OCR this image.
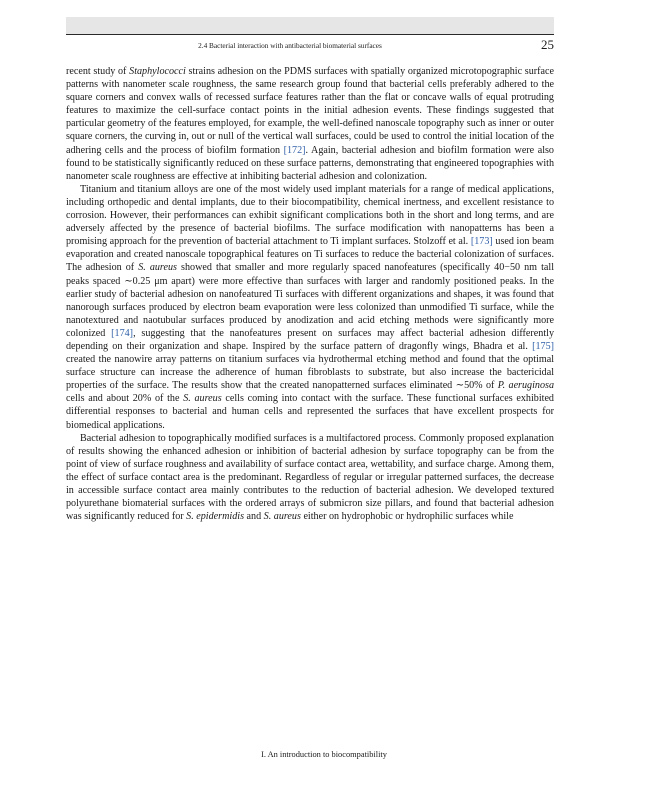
2.4 Bacterial interaction with antibacterial biomaterial surfaces	25

recent study of Staphylococci strains adhesion on the PDMS surfaces with spatially organized microtopographic surface patterns with nanometer scale roughness, the same research group found that bacterial cells preferably adhered to the square corners and convex walls of recessed surface features rather than the flat or concave walls of equal protruding features to maximize the cell-surface contact points in the initial adhesion events. These findings suggested that particular geometry of the features employed, for example, the well-defined nanoscale topography such as inner or outer square corners, the curving in, out or null of the vertical wall surfaces, could be used to control the initial location of the adhering cells and the process of biofilm formation [172]. Again, bacterial adhesion and biofilm formation were also found to be statistically significantly reduced on these surface patterns, demonstrating that engineered topographies with nanometer scale roughness are effective at inhibiting bacterial adhesion and colonization.

Titanium and titanium alloys are one of the most widely used implant materials for a range of medical applications, including orthopedic and dental implants, due to their biocompatibility, chemical inertness, and excellent resistance to corrosion. However, their performances can exhibit significant complications both in the short and long terms, and are adversely affected by the presence of bacterial biofilms. The surface modification with nanopatterns has been a promising approach for the prevention of bacterial attachment to Ti implant surfaces. Stolzoff et al. [173] used ion beam evaporation and created nanoscale topographical features on Ti surfaces to reduce the bacterial colonization of surfaces. The adhesion of S. aureus showed that smaller and more regularly spaced nanofeatures (specifically 40−50 nm tall peaks spaced ∼0.25 μm apart) were more effective than surfaces with larger and randomly positioned peaks. In the earlier study of bacterial adhesion on nanofeatured Ti surfaces with different organizations and shapes, it was found that nanorough surfaces produced by electron beam evaporation were less colonized than unmodified Ti surface, while the nanotextured and naotubular surfaces produced by anodization and acid etching methods were significantly more colonized [174], suggesting that the nanofeatures present on surfaces may affect bacterial adhesion differently depending on their organization and shape. Inspired by the surface pattern of dragonfly wings, Bhadra et al. [175] created the nanowire array patterns on titanium surfaces via hydrothermal etching method and found that the optimal surface structure can increase the adherence of human fibroblasts to substrate, but also increase the bactericidal properties of the surface. The results show that the created nanopatterned surfaces eliminated ∼50% of P. aeruginosa cells and about 20% of the S. aureus cells coming into contact with the surface. These functional surfaces exhibited differential responses to bacterial and human cells and represented the surfaces that have excellent prospects for biomedical applications.

Bacterial adhesion to topographically modified surfaces is a multifactored process. Commonly proposed explanation of results showing the enhanced adhesion or inhibition of bacterial adhesion by surface topography can be from the point of view of surface roughness and availability of surface contact area, wettability, and surface charge. Among them, the effect of surface contact area is the predominant. Regardless of regular or irregular patterned surfaces, the decrease in accessible surface contact area mainly contributes to the reduction of bacterial adhesion. We developed textured polyurethane biomaterial surfaces with the ordered arrays of submicron size pillars, and found that bacterial adhesion was significantly reduced for S. epidermidis and S. aureus either on hydrophobic or hydrophilic surfaces while

I. An introduction to biocompatibility
